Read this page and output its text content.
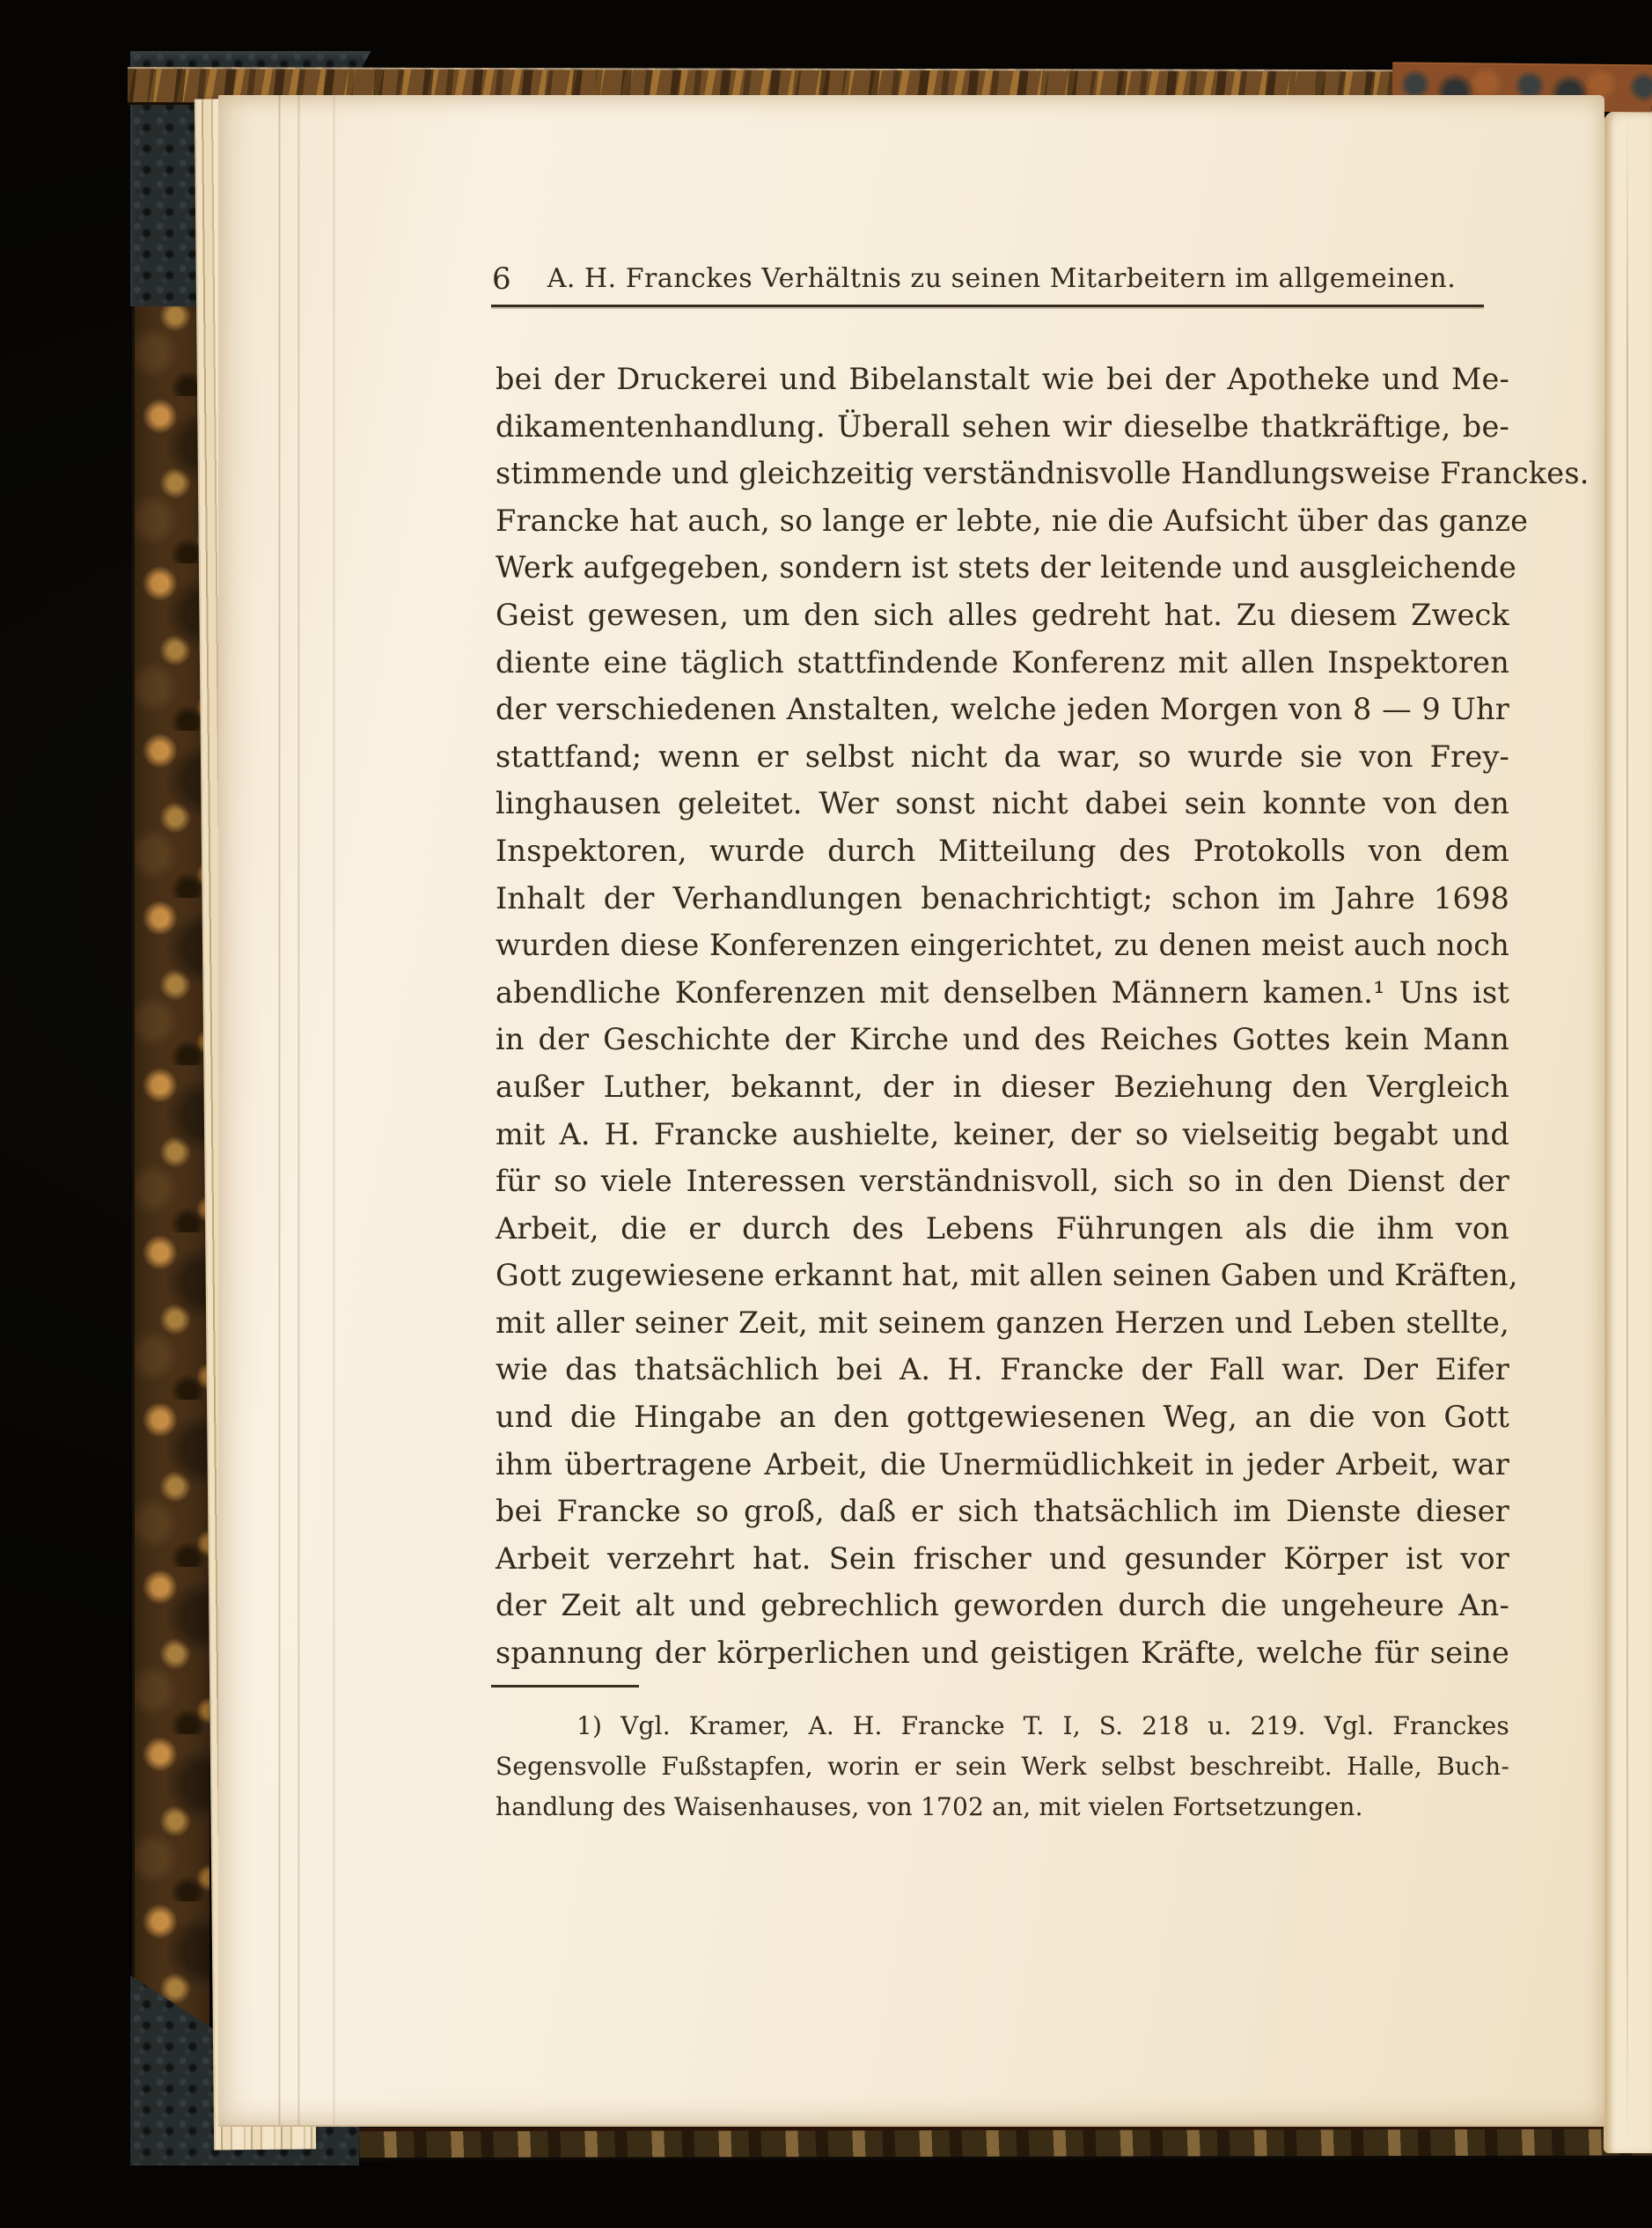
6	A. H. Franckes Verhältnis zu seinen Mitarbeitern im allgemeinen.
bei der Druckerei und Bibelanstalt wie bei der Apotheke und Me-
dikamentenhandlung. Überall sehen wir dieselbe thatkräftige, be-
stimmende und gleichzeitig verständnisvolle Handlungsweise Franckes.
Francke hat auch, so lange er lebte, nie die Aufsicht über das ganze
Werk aufgegeben, sondern ist stets der leitende und ausgleichende
Geist gewesen, um den sich alles gedreht hat. Zu diesem Zweck
diente eine täglich stattfindende Konferenz mit allen Inspektoren
der verschiedenen Anstalten, welche jeden Morgen von 8 — 9 Uhr
stattfand; wenn er selbst nicht da war, so wurde sie von Frey-
linghausen geleitet. Wer sonst nicht dabei sein konnte von den
Inspektoren, wurde durch Mitteilung des Protokolls von dem
Inhalt der Verhandlungen benachrichtigt; schon im Jahre 1698
wurden diese Konferenzen eingerichtet, zu denen meist auch noch
abendliche Konferenzen mit denselben Männern kamen.¹ Uns ist
in der Geschichte der Kirche und des Reiches Gottes kein Mann
außer Luther, bekannt, der in dieser Beziehung den Vergleich
mit A. H. Francke aushielte, keiner, der so vielseitig begabt und
für so viele Interessen verständnisvoll, sich so in den Dienst der
Arbeit, die er durch des Lebens Führungen als die ihm von
Gott zugewiesene erkannt hat, mit allen seinen Gaben und Kräften,
mit aller seiner Zeit, mit seinem ganzen Herzen und Leben stellte,
wie das thatsächlich bei A. H. Francke der Fall war. Der Eifer
und die Hingabe an den gottgewiesenen Weg, an die von Gott
ihm übertragene Arbeit, die Unermüdlichkeit in jeder Arbeit, war
bei Francke so groß, daß er sich thatsächlich im Dienste dieser
Arbeit verzehrt hat. Sein frischer und gesunder Körper ist vor
der Zeit alt und gebrechlich geworden durch die ungeheure An-
spannung der körperlichen und geistigen Kräfte, welche für seine
1) Vgl. Kramer, A. H. Francke T. I, S. 218 u. 219. Vgl. Franckes
Segensvolle Fußstapfen, worin er sein Werk selbst beschreibt. Halle, Buch-
handlung des Waisenhauses, von 1702 an, mit vielen Fortsetzungen.
